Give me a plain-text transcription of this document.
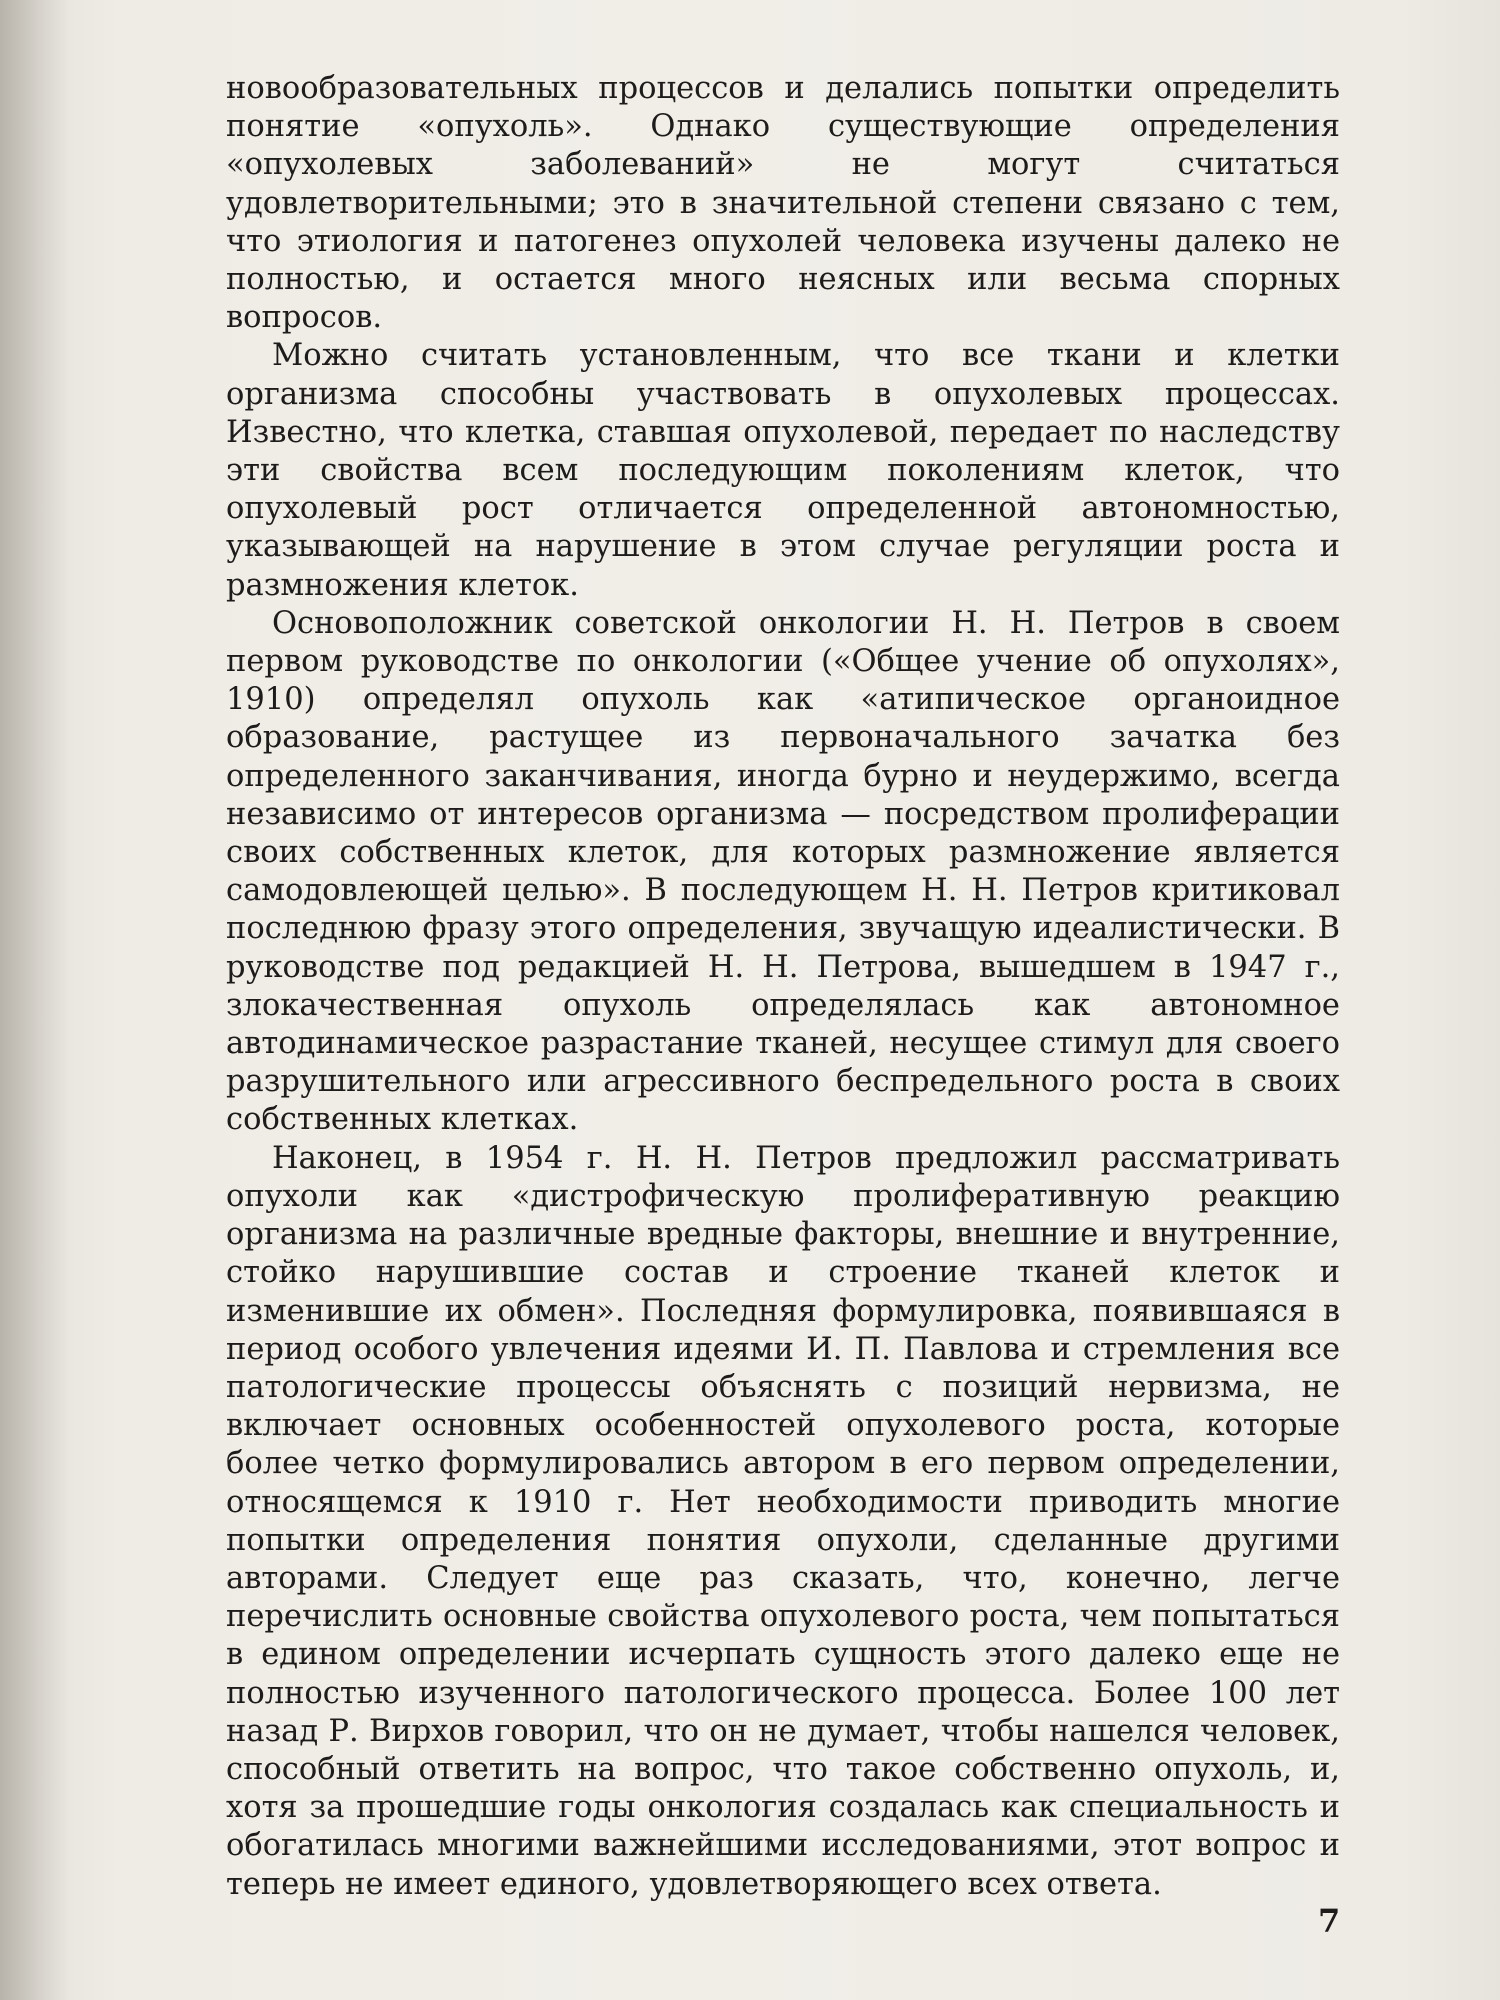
новообразовательных процессов и делались попытки определить понятие «опухоль». Однако существующие определения «опухолевых заболеваний» не могут считаться удовлетворительными; это в значительной степени связано с тем, что этиология и патогенез опухолей человека изучены далеко не полностью, и остается много неясных или весьма спорных вопросов.

Можно считать установленным, что все ткани и клетки организма способны участвовать в опухолевых процессах. Известно, что клетка, ставшая опухолевой, передает по наследству эти свойства всем последующим поколениям клеток, что опухолевый рост отличается определенной автономностью, указывающей на нарушение в этом случае регуляции роста и размножения клеток.

Основоположник советской онкологии Н. Н. Петров в своем первом руководстве по онкологии («Общее учение об опухолях», 1910) определял опухоль как «атипическое органоидное образование, растущее из первоначального зачатка без определенного заканчивания, иногда бурно и неудержимо, всегда независимо от интересов организма — посредством пролиферации своих собственных клеток, для которых размножение является самодовлеющей целью». В последующем Н. Н. Петров критиковал последнюю фразу этого определения, звучащую идеалистически. В руководстве под редакцией Н. Н. Петрова, вышедшем в 1947 г., злокачественная опухоль определялась как автономное автодинамическое разрастание тканей, несущее стимул для своего разрушительного или агрессивного беспредельного роста в своих собственных клетках.

Наконец, в 1954 г. Н. Н. Петров предложил рассматривать опухоли как «дистрофическую пролиферативную реакцию организма на различные вредные факторы, внешние и внутренние, стойко нарушившие состав и строение тканей клеток и изменившие их обмен». Последняя формулировка, появившаяся в период особого увлечения идеями И. П. Павлова и стремления все патологические процессы объяснять с позиций нервизма, не включает основных особенностей опухолевого роста, которые более четко формулировались автором в его первом определении, относящемся к 1910 г. Нет необходимости приводить многие попытки определения понятия опухоли, сделанные другими авторами. Следует еще раз сказать, что, конечно, легче перечислить основные свойства опухолевого роста, чем попытаться в едином определении исчерпать сущность этого далеко еще не полностью изученного патологического процесса. Более 100 лет назад Р. Вирхов говорил, что он не думает, чтобы нашелся человек, способный ответить на вопрос, что такое собственно опухоль, и, хотя за прошедшие годы онкология создалась как специальность и обогатилась многими важнейшими исследованиями, этот вопрос и теперь не имеет единого, удовлетворяющего всех ответа.

7
